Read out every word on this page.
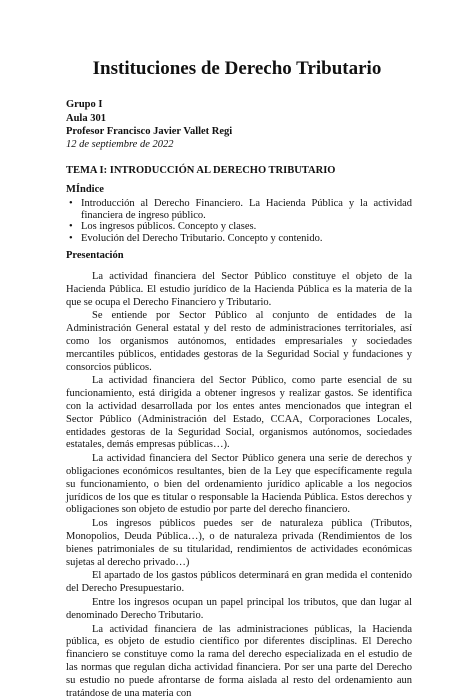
Instituciones de Derecho Tributario
Grupo I
Aula 301
Profesor Francisco Javier Vallet Regi
12 de septiembre de 2022
TEMA I: INTRODUCCIÓN AL DERECHO TRIBUTARIO
MÍndice
• Introducción al Derecho Financiero. La Hacienda Pública y la actividad financiera de ingreso público.
• Los ingresos públicos. Concepto y clases.
• Evolución del Derecho Tributario. Concepto y contenido.
Presentación

La actividad financiera del Sector Público constituye el objeto de la Hacienda Pública. El estudio jurídico de la Hacienda Pública es la materia de la que se ocupa el Derecho Financiero y Tributario.

Se entiende por Sector Público al conjunto de entidades de la Administración General estatal y del resto de administraciones territoriales, así como los organismos autónomos, entidades empresariales y sociedades mercantiles públicos, entidades gestoras de la Seguridad Social y fundaciones y consorcios públicos.

La actividad financiera del Sector Público, como parte esencial de su funcionamiento, está dirigida a obtener ingresos y realizar gastos. Se identifica con la actividad desarrollada por los entes antes mencionados que integran el Sector Público (Administración del Estado, CCAA, Corporaciones Locales, entidades gestoras de la Seguridad Social, organismos autónomos, sociedades estatales, demás empresas públicas…).

La actividad financiera del Sector Público genera una serie de derechos y obligaciones económicos resultantes, bien de la Ley que específicamente regula su funcionamiento, o bien del ordenamiento jurídico aplicable a los negocios jurídicos de los que es titular o responsable la Hacienda Pública. Estos derechos y obligaciones son objeto de estudio por parte del derecho financiero.

Los ingresos públicos puedes ser de naturaleza pública (Tributos, Monopolios, Deuda Pública…), o de naturaleza privada (Rendimientos de los bienes patrimoniales de su titularidad, rendimientos de actividades económicas sujetas al derecho privado…)

El apartado de los gastos públicos determinará en gran medida el contenido del Derecho Presupuestario.

Entre los ingresos ocupan un papel principal los tributos, que dan lugar al denominado Derecho Tributario.

La actividad financiera de las administraciones públicas, la Hacienda pública, es objeto de estudio científico por diferentes disciplinas. El Derecho financiero se constituye como la rama del derecho especializada en el estudio de las normas que regulan dicha actividad financiera. Por ser una parte del Derecho su estudio no puede afrontarse de forma aislada al resto del ordenamiento aun tratándose de una materia con
